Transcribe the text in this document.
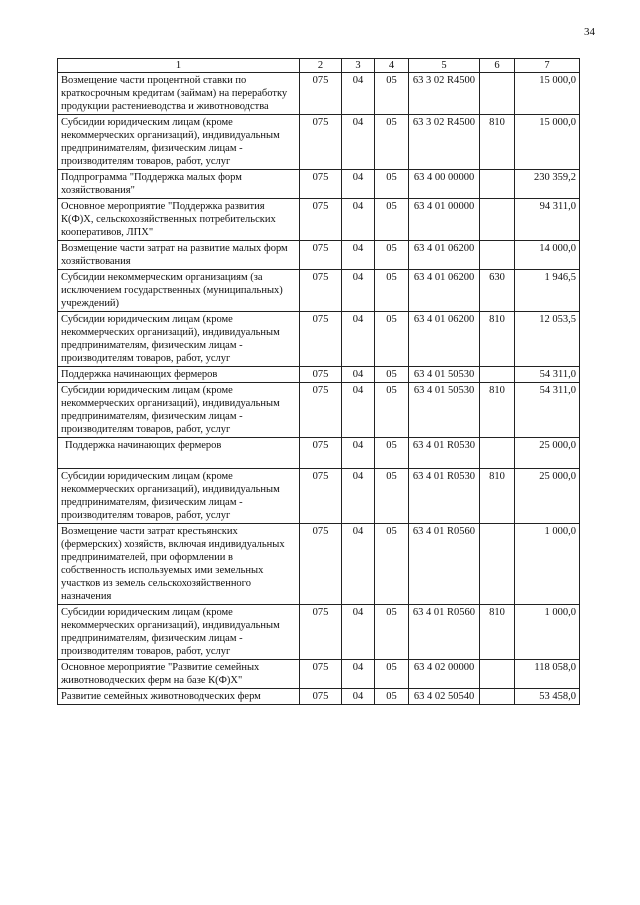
34
1	2	3	4	5	6	7
Возмещение части процентной ставки по краткосрочным кредитам (займам) на переработку продукции растениеводства и животноводства	075	04	05	63 3 02 R4500		15 000,0
Субсидии юридическим лицам (кроме некоммерческих организаций), индивидуальным предпринимателям, физическим лицам - производителям товаров, работ, услуг	075	04	05	63 3 02 R4500	810	15 000,0
Подпрограмма "Поддержка малых форм хозяйствования"	075	04	05	63 4 00 00000		230 359,2
Основное мероприятие "Поддержка развития К(Ф)Х, сельскохозяйственных потребительских кооперативов, ЛПХ"	075	04	05	63 4 01 00000		94 311,0
Возмещение части затрат на развитие малых форм хозяйствования	075	04	05	63 4 01 06200		14 000,0
Субсидии некоммерческим организациям (за исключением государственных (муниципальных) учреждений)	075	04	05	63 4 01 06200	630	1 946,5
Субсидии юридическим лицам (кроме некоммерческих организаций), индивидуальным предпринимателям, физическим лицам - производителям товаров, работ, услуг	075	04	05	63 4 01 06200	810	12 053,5
Поддержка начинающих фермеров	075	04	05	63 4 01 50530		54 311,0
Субсидии юридическим лицам (кроме некоммерческих организаций), индивидуальным предпринимателям, физическим лицам - производителям товаров, работ, услуг	075	04	05	63 4 01 50530	810	54 311,0
Поддержка начинающих фермеров	075	04	05	63 4 01 R0530		25 000,0
Субсидии юридическим лицам (кроме некоммерческих организаций), индивидуальным предпринимателям, физическим лицам - производителям товаров, работ, услуг	075	04	05	63 4 01 R0530	810	25 000,0
Возмещение части затрат крестьянских (фермерских) хозяйств, включая индивидуальных предпринимателей, при оформлении в собственность используемых ими земельных участков из земель сельскохозяйственного назначения	075	04	05	63 4 01 R0560		1 000,0
Субсидии юридическим лицам (кроме некоммерческих организаций), индивидуальным предпринимателям, физическим лицам - производителям товаров, работ, услуг	075	04	05	63 4 01 R0560	810	1 000,0
Основное мероприятие "Развитие семейных животноводческих ферм на базе К(Ф)Х"	075	04	05	63 4 02 00000		118 058,0
Развитие семейных животноводческих ферм	075	04	05	63 4 02 50540		53 458,0
